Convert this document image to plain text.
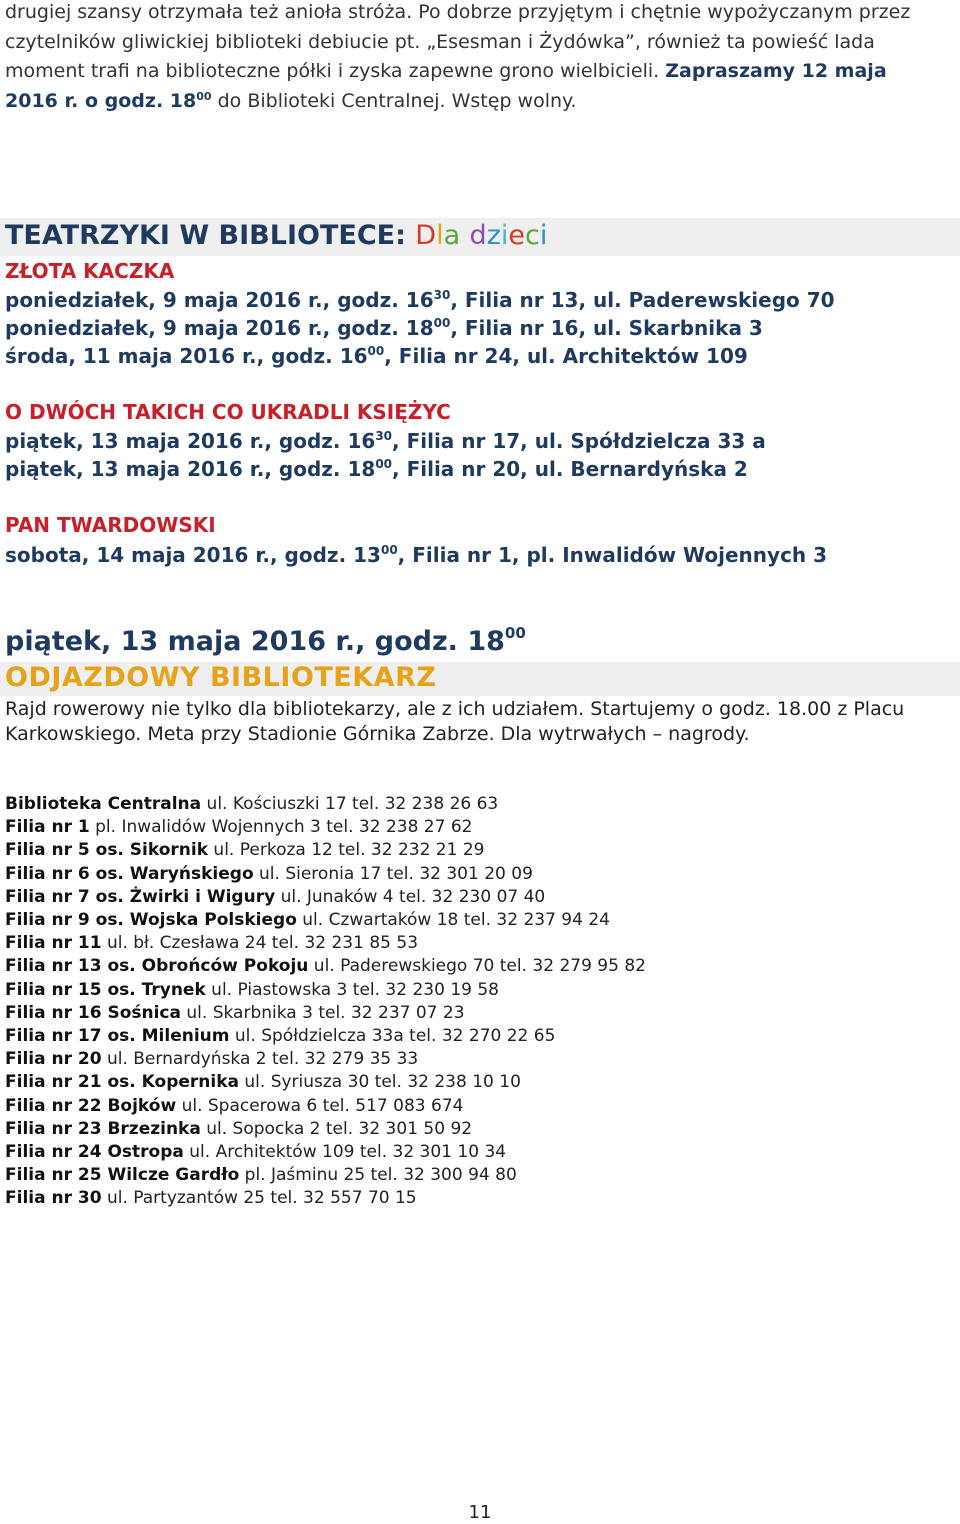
drugiej szansy otrzymała też anioła stróża. Po dobrze przyjętym i chętnie wypożyczanym przez
czytelników gliwickiej biblioteki debiucie pt. „Esesman i Żydówka”, również ta powieść lada
moment trafi na biblioteczne półki i zyska zapewne grono wielbicieli. Zapraszamy 12 maja
2016 r. o godz. $18^{00}$ do Biblioteki Centralnej. Wstęp wolny.
TEATRZYKI W BIBLIOTECE: Dla dzieci
ZŁOTA KACZKA
poniedziałek, 9 maja 2016 r., godz. $16^{30}$, Filia nr 13, ul. Paderewskiego 70
poniedziałek, 9 maja 2016 r., godz. $18^{00}$, Filia nr 16, ul. Skarbnika 3
środa, 11 maja 2016 r., godz. $16^{00}$, Filia nr 24, ul. Architektów 109
O DWÓCH TAKICH CO UKRADLI KSIĘŻYC
piątek, 13 maja 2016 r., godz. $16^{30}$, Filia nr 17, ul. Spółdzielcza 33 a
piątek, 13 maja 2016 r., godz. $18^{00}$, Filia nr 20, ul. Bernardyńska 2
PAN TWARDOWSKI
sobota, 14 maja 2016 r., godz. $13^{00}$, Filia nr 1, pl. Inwalidów Wojennych 3
piątek, 13 maja 2016 r., godz. $18^{00}$
ODJAZDOWY BIBLIOTEKARZ
Rajd rowerowy nie tylko dla bibliotekarzy, ale z ich udziałem. Startujemy o godz. 18.00 z Placu
Karkowskiego. Meta przy Stadionie Górnika Zabrze. Dla wytrwałych – nagrody.
Biblioteka Centralna ul. Kościuszki 17 tel. 32 238 26 63
Filia nr 1 pl. Inwalidów Wojennych 3 tel. 32 238 27 62
Filia nr 5 os. Sikornik ul. Perkoza 12 tel. 32 232 21 29
Filia nr 6 os. Waryńskiego ul. Sieronia 17 tel. 32 301 20 09
Filia nr 7 os. Żwirki i Wigury ul. Junaków 4 tel. 32 230 07 40
Filia nr 9 os. Wojska Polskiego ul. Czwartaków 18 tel. 32 237 94 24
Filia nr 11 ul. bł. Czesława 24 tel. 32 231 85 53
Filia nr 13 os. Obrońców Pokoju ul. Paderewskiego 70 tel. 32 279 95 82
Filia nr 15 os. Trynek ul. Piastowska 3 tel. 32 230 19 58
Filia nr 16 Sośnica ul. Skarbnika 3 tel. 32 237 07 23
Filia nr 17 os. Milenium ul. Spółdzielcza 33a tel. 32 270 22 65
Filia nr 20 ul. Bernardyńska 2 tel. 32 279 35 33
Filia nr 21 os. Kopernika ul. Syriusza 30 tel. 32 238 10 10
Filia nr 22 Bojków ul. Spacerowa 6 tel. 517 083 674
Filia nr 23 Brzezinka ul. Sopocka 2 tel. 32 301 50 92
Filia nr 24 Ostropa ul. Architektów 109 tel. 32 301 10 34
Filia nr 25 Wilcze Gardło pl. Jaśminu 25 tel. 32 300 94 80
Filia nr 30 ul. Partyzantów 25 tel. 32 557 70 15
11
